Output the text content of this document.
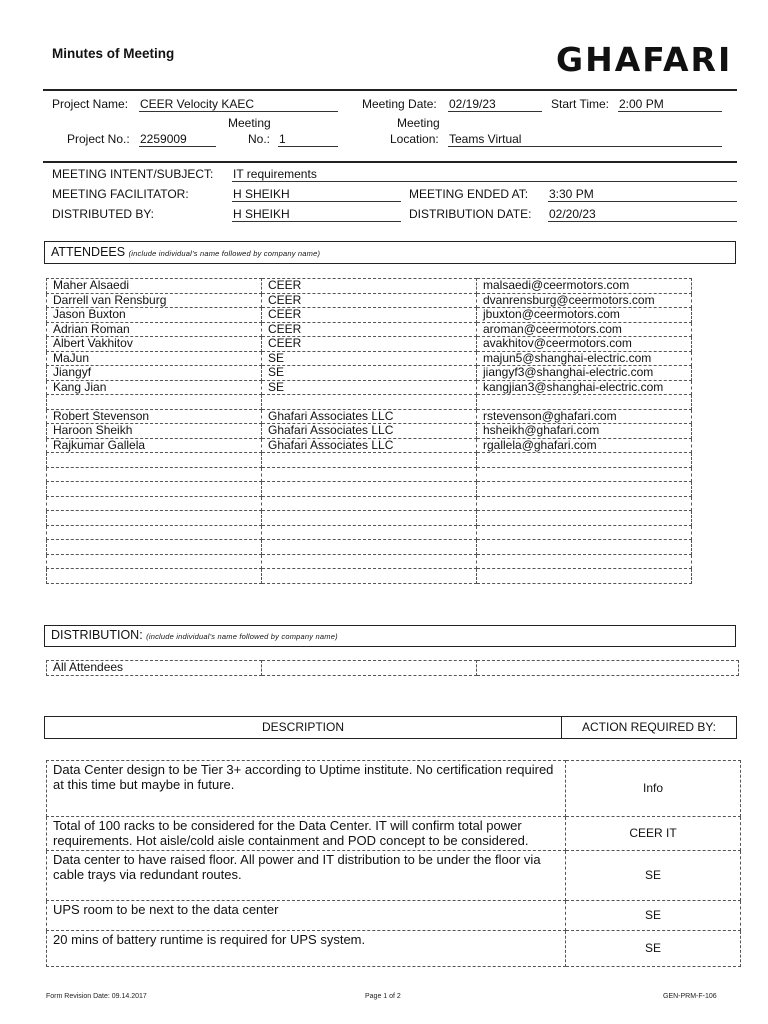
Minutes of Meeting	GHAFARI
Project Name: CEER Velocity KAEC	Meeting Date: 02/19/23	Start Time: 2:00 PM
Meeting	Meeting
Project No.: 2259009	No.: 1	Location: Teams Virtual
MEETING INTENT/SUBJECT: IT requirements
MEETING FACILITATOR:	H SHEIKH	MEETING ENDED AT: 3:30 PM
DISTRIBUTED BY:	H SHEIKH	DISTRIBUTION DATE: 02/20/23
ATTENDEES (include individual’s name followed by company name)
Maher Alsaedi	CEER	malsaedi@ceermotors.com
Darrell van Rensburg	CEER	dvanrensburg@ceermotors.com
Jason Buxton	CEER	jbuxton@ceermotors.com
Adrian Roman	CEER	aroman@ceermotors.com
Albert Vakhitov	CEER	avakhitov@ceermotors.com
MaJun	SE	majun5@shanghai-electric.com
Jiangyf	SE	jiangyf3@shanghai-electric.com
Kang Jian	SE	kangjian3@shanghai-electric.com

Robert Stevenson	Ghafari Associates LLC	rstevenson@ghafari.com
Haroon Sheikh	Ghafari Associates LLC	hsheikh@ghafari.com
Rajkumar Gallela	Ghafari Associates LLC	rgallela@ghafari.com

DISTRIBUTION: (include individual’s name followed by company name)
All Attendees		
DESCRIPTION	ACTION REQUIRED BY:
Data Center design to be Tier 3+ according to Uptime institute. No certification required at this time but maybe in future.	Info
Total of 100 racks to be considered for the Data Center. IT will confirm total power requirements. Hot aisle/cold aisle containment and POD concept to be considered.	CEER IT
Data center to have raised floor. All power and IT distribution to be under the floor via cable trays via redundant routes.	SE
UPS room to be next to the data center	SE
20 mins of battery runtime is required for UPS system.	SE
Form Revision Date: 09.14.2017	Page 1 of 2	GEN-PRM-F-106
